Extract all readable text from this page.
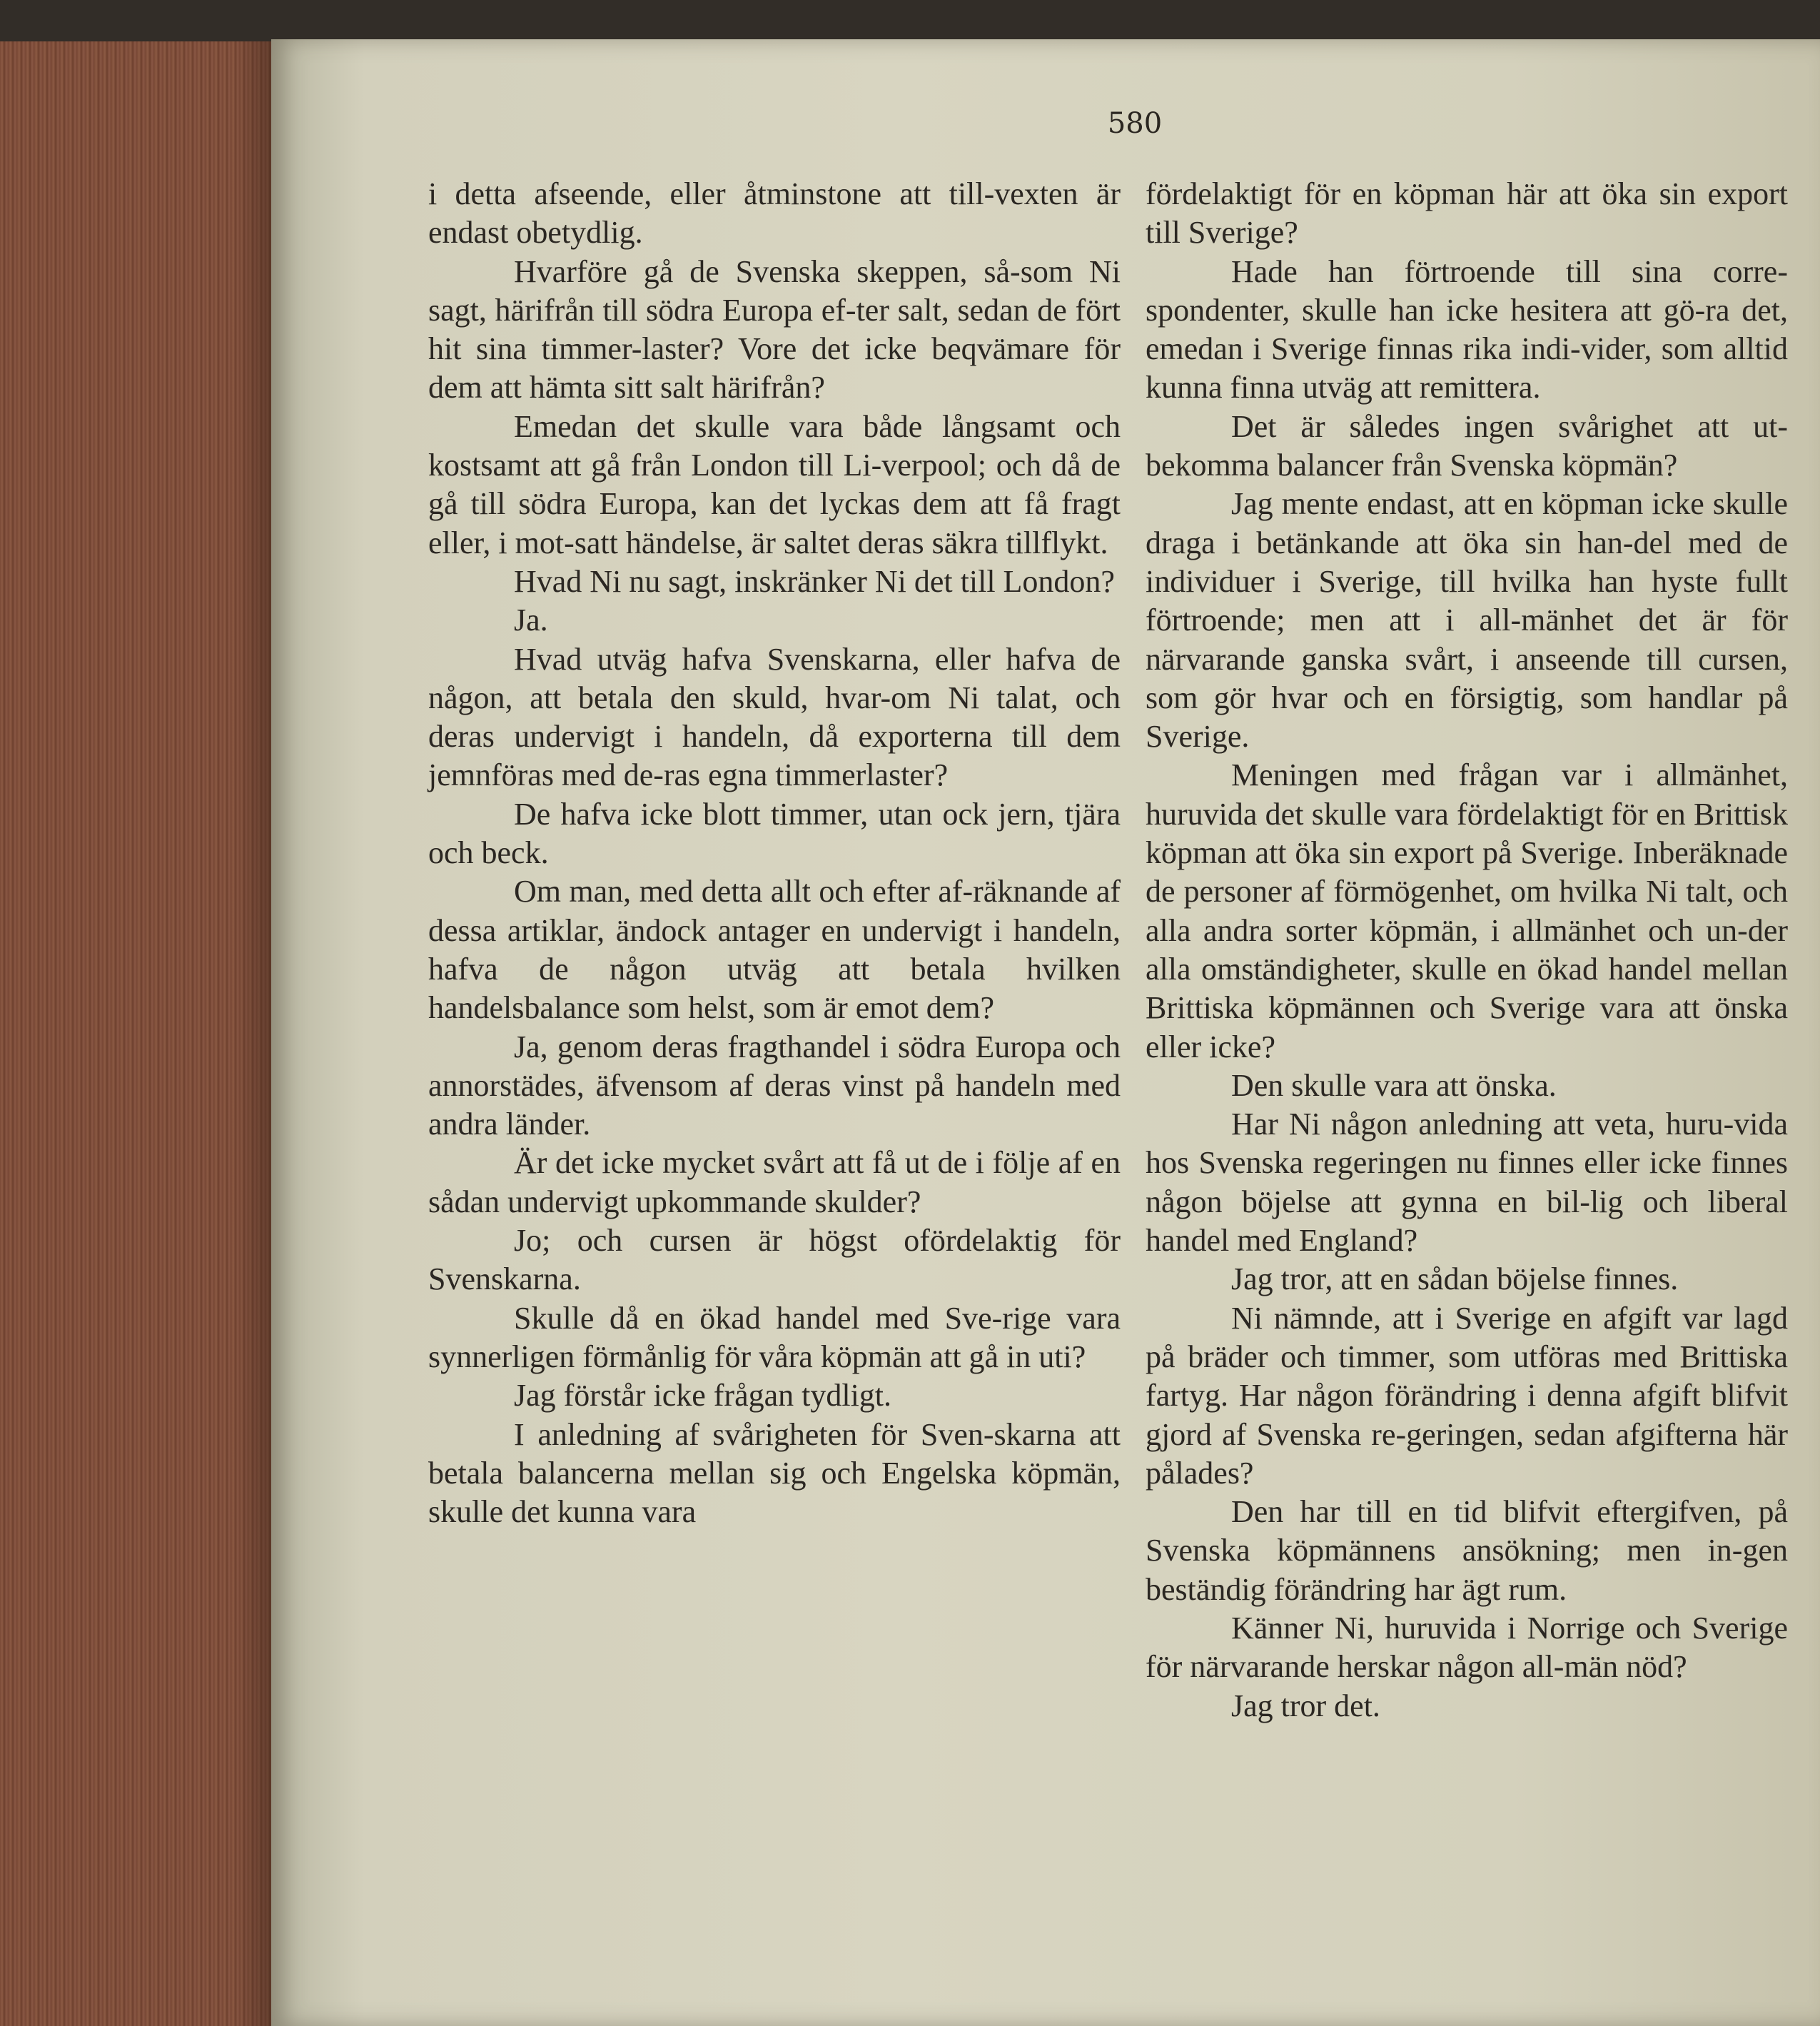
580

i detta afseende, eller åtminstone att till-vexten är endast obetydlig.

Hvarföre gå de Svenska skeppen, så-som Ni sagt, härifrån till södra Europa ef-ter salt, sedan de fört hit sina timmer-laster? Vore det icke beqvämare för dem att hämta sitt salt härifrån?

Emedan det skulle vara både långsamt och kostsamt att gå från London till Li-verpool; och då de gå till södra Europa, kan det lyckas dem att få fragt eller, i mot-satt händelse, är saltet deras säkra tillflykt.

Hvad Ni nu sagt, inskränker Ni det till London?

Ja.

Hvad utväg hafva Svenskarna, eller hafva de någon, att betala den skuld, hvar-om Ni talat, och deras undervigt i handeln, då exporterna till dem jemnföras med de-ras egna timmerlaster?

De hafva icke blott timmer, utan ock jern, tjära och beck.

Om man, med detta allt och efter af-räknande af dessa artiklar, ändock antager en undervigt i handeln, hafva de någon utväg att betala hvilken handelsbalance som helst, som är emot dem?

Ja, genom deras fragthandel i södra Europa och annorstädes, äfvensom af deras vinst på handeln med andra länder.

Är det icke mycket svårt att få ut de i följe af en sådan undervigt upkommande skulder?

Jo; och cursen är högst ofördelaktig för Svenskarna.

Skulle då en ökad handel med Sve-rige vara synnerligen förmånlig för våra köpmän att gå in uti?

Jag förstår icke frågan tydligt.

I anledning af svårigheten för Sven-skarna att betala balancerna mellan sig och Engelska köpmän, skulle det kunna vara

fördelaktigt för en köpman här att öka sin export till Sverige?

Hade han förtroende till sina corre-spondenter, skulle han icke hesitera att gö-ra det, emedan i Sverige finnas rika indi-vider, som alltid kunna finna utväg att remittera.

Det är således ingen svårighet att ut-bekomma balancer från Svenska köpmän?

Jag mente endast, att en köpman icke skulle draga i betänkande att öka sin han-del med de individuer i Sverige, till hvilka han hyste fullt förtroende; men att i all-mänhet det är för närvarande ganska svårt, i anseende till cursen, som gör hvar och en försigtig, som handlar på Sverige.

Meningen med frågan var i allmänhet, huruvida det skulle vara fördelaktigt för en Brittisk köpman att öka sin export på Sverige. Inberäknade de personer af förmögenhet, om hvilka Ni talt, och alla andra sorter köpmän, i allmänhet och un-der alla omständigheter, skulle en ökad handel mellan Brittiska köpmännen och Sverige vara att önska eller icke?

Den skulle vara att önska.

Har Ni någon anledning att veta, huru-vida hos Svenska regeringen nu finnes eller icke finnes någon böjelse att gynna en bil-lig och liberal handel med England?

Jag tror, att en sådan böjelse finnes.

Ni nämnde, att i Sverige en afgift var lagd på bräder och timmer, som utföras med Brittiska fartyg. Har någon förändring i denna afgift blifvit gjord af Svenska re-geringen, sedan afgifterna här pålades?

Den har till en tid blifvit eftergifven, på Svenska köpmännens ansökning; men in-gen beständig förändring har ägt rum.

Känner Ni, huruvida i Norrige och Sverige för närvarande herskar någon all-män nöd?

Jag tror det.
